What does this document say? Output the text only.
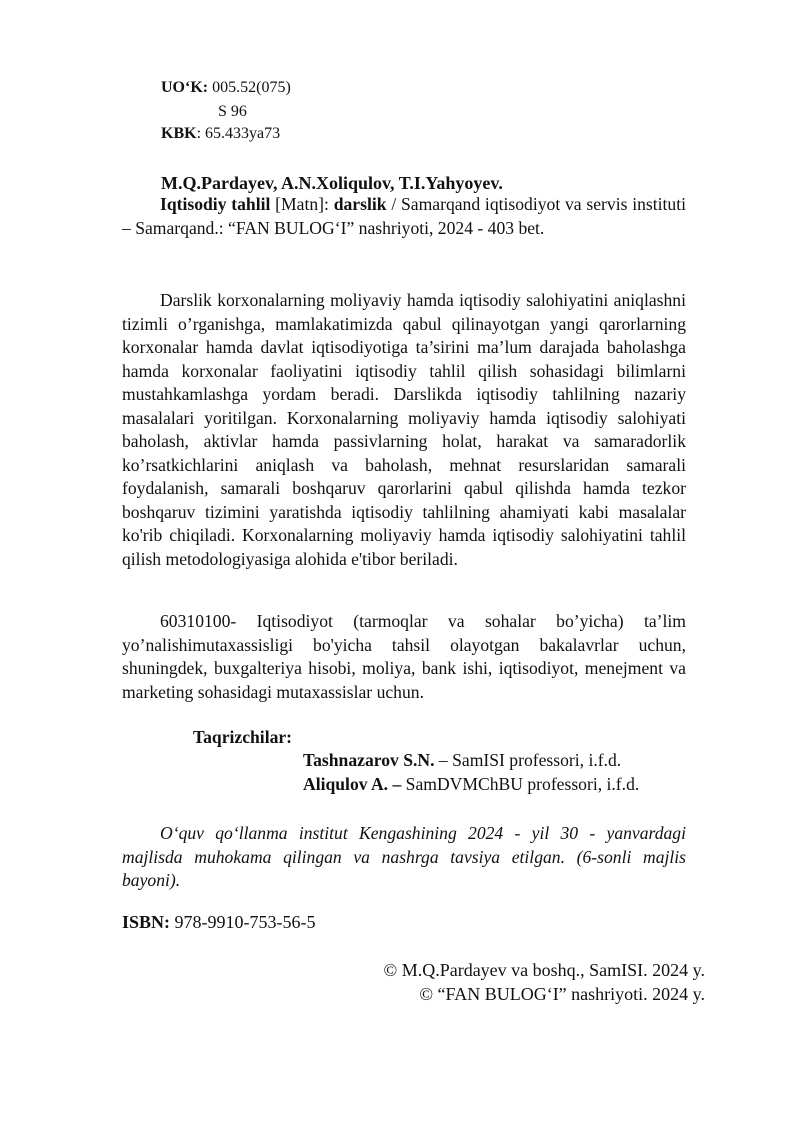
UO‘K: 005.52(075)
S 96
KBK: 65.433ya73
M.Q.Pardayev, A.N.Xoliqulov, T.I.Yahyoyev.

Iqtisodiy tahlil [Matn]: darslik / Samarqand iqtisodiyot va servis instituti – Samarqand.: “FAN BULOG‘I” nashriyoti, 2024 - 403 bet.

Darslik korxonalarning moliyaviy hamda iqtisodiy salohiyatini aniqlashni tizimli o’rganishga, mamlakatimizda qabul qilinayotgan yangi qarorlarning korxonalar hamda davlat iqtisodiyotiga ta’sirini ma’lum darajada baholashga hamda korxonalar faoliyatini iqtisodiy tahlil qilish sohasidagi bilimlarni mustahkamlashga yordam beradi. Darslikda iqtisodiy tahlilning nazariy masalalari yoritilgan. Korxonalarning moliyaviy hamda iqtisodiy salohiyati baholash, aktivlar hamda passivlarning holat, harakat va samaradorlik ko’rsatkichlarini aniqlash va baholash, mehnat resurslaridan samarali foydalanish, samarali boshqaruv qarorlarini qabul qilishda hamda tezkor boshqaruv tizimini yaratishda iqtisodiy tahlilning ahamiyati kabi masalalar ko'rib chiqiladi. Korxonalarning moliyaviy hamda iqtisodiy salohiyatini tahlil qilish metodologiyasiga alohida e'tibor beriladi.

60310100- Iqtisodiyot (tarmoqlar va sohalar bo’yicha) ta’lim yo’nalishimutaxassisligi bo'yicha tahsil olayotgan bakalavrlar uchun, shuningdek, buxgalteriya hisobi, moliya, bank ishi, iqtisodiyot, menejment va marketing sohasidagi mutaxassislar uchun.

Taqrizchilar:
Tashnazarov S.N. – SamISI professori, i.f.d.
Aliqulov A. – SamDVMChBU professori, i.f.d.

O‘quv qo‘llanma institut Kengashining 2024 - yil 30 - yanvardagi majlisda muhokama qilingan va nashrga tavsiya etilgan. (6-sonli majlis bayoni).

ISBN: 978-9910-753-56-5
© M.Q.Pardayev va boshq., SamISI. 2024 y.
© “FAN BULOG‘I” nashriyoti. 2024 y.
